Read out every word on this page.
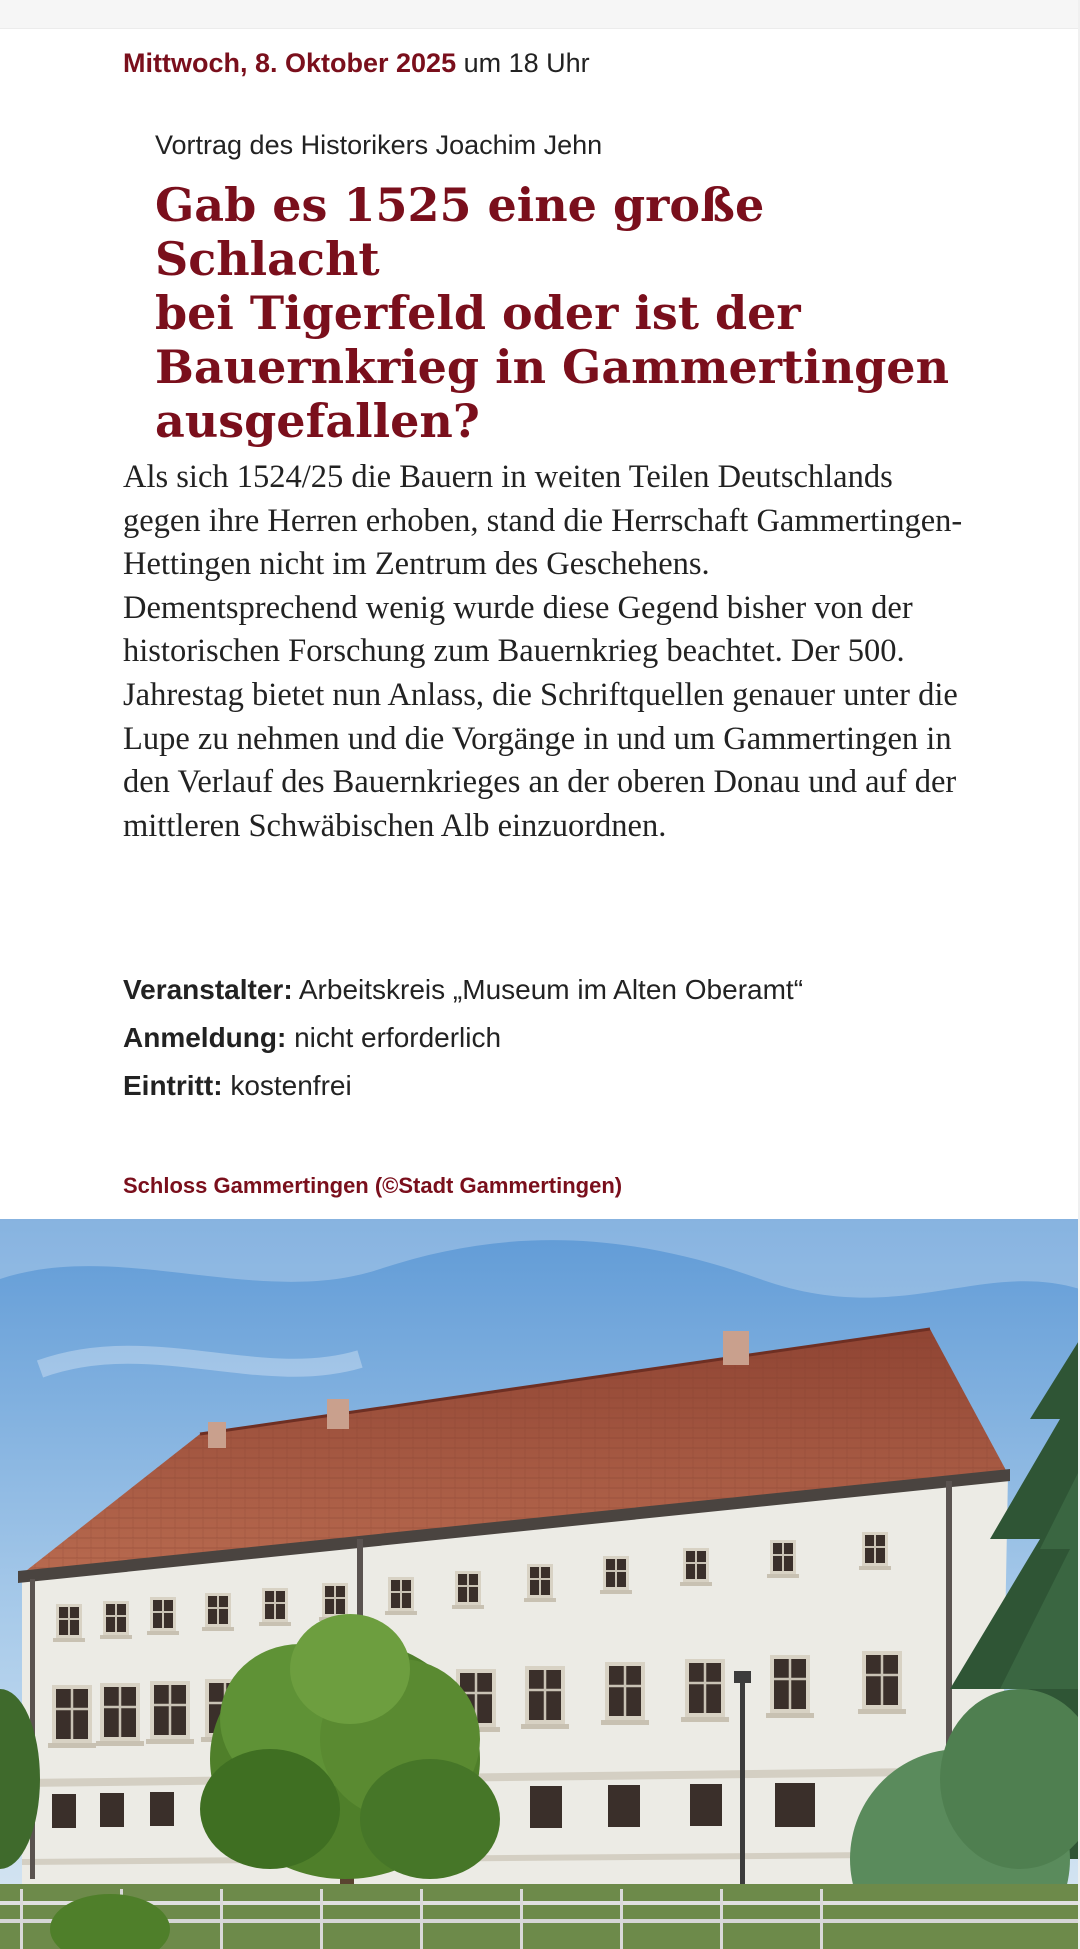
Mittwoch, 8. Oktober 2025 um 18 Uhr
Vortrag des Historikers Joachim Jehn
Gab es 1525 eine große Schlacht
bei Tigerfeld oder ist der
Bauernkrieg in Gammertingen
ausgefallen?

Als sich 1524/25 die Bauern in weiten Teilen Deutschlands gegen ihre Herren erhoben, stand die Herrschaft Gammertingen-Hettingen nicht im Zentrum des Geschehens.

Dementsprechend wenig wurde diese Gegend bisher von der historischen Forschung zum Bauernkrieg beachtet. Der 500. Jahrestag bietet nun Anlass, die Schriftquellen genauer unter die Lupe zu nehmen und die Vorgänge in und um Gammertingen in den Verlauf des Bauernkrieges an der oberen Donau und auf der mittleren Schwäbischen Alb einzuordnen.

Veranstalter: Arbeitskreis „Museum im Alten Oberamt“
Anmeldung: nicht erforderlich
Eintritt: kostenfrei
Schloss Gammertingen (©Stadt Gammertingen)
